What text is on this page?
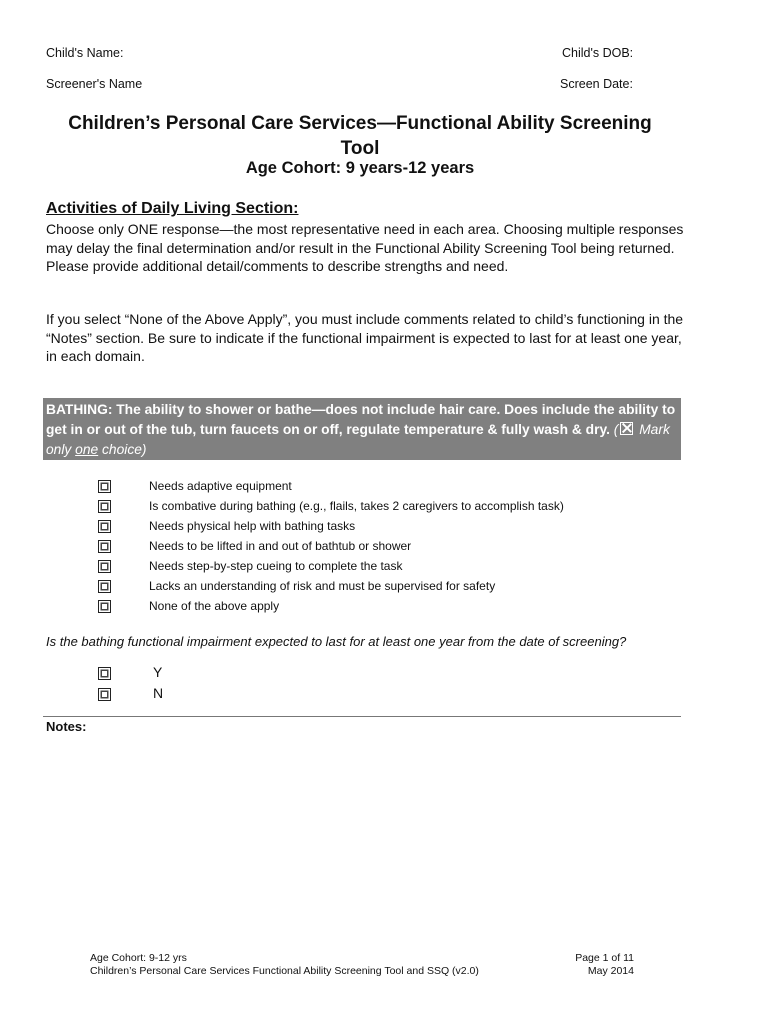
Child's Name:	Child's DOB:
Screener's Name	Screen Date:
Children’s Personal Care Services—Functional Ability Screening
Tool
Age Cohort: 9 years-12 years
Activities of Daily Living Section:
Choose only ONE response—the most representative need in each area. Choosing multiple responses may delay the final determination and/or result in the Functional Ability Screening Tool being returned. Please provide additional detail/comments to describe strengths and need.
If you select “None of the Above Apply”, you must include comments related to child’s functioning in the “Notes” section. Be sure to indicate if the functional impairment is expected to last for at least one year, in each domain.
BATHING: The ability to shower or bathe—does not include hair care. Does include the ability to get in or out of the tub, turn faucets on or off, regulate temperature & fully wash & dry. ( Mark only one choice)
Needs adaptive equipment
Is combative during bathing (e.g., flails, takes 2 caregivers to accomplish task)
Needs physical help with bathing tasks
Needs to be lifted in and out of bathtub or shower
Needs step-by-step cueing to complete the task
Lacks an understanding of risk and must be supervised for safety
None of the above apply
Is the bathing functional impairment expected to last for at least one year from the date of screening?
Y
N
Notes:
Age Cohort: 9-12 yrs
Children’s Personal Care Services Functional Ability Screening Tool and SSQ (v2.0)
Page 1 of 11
May 2014
